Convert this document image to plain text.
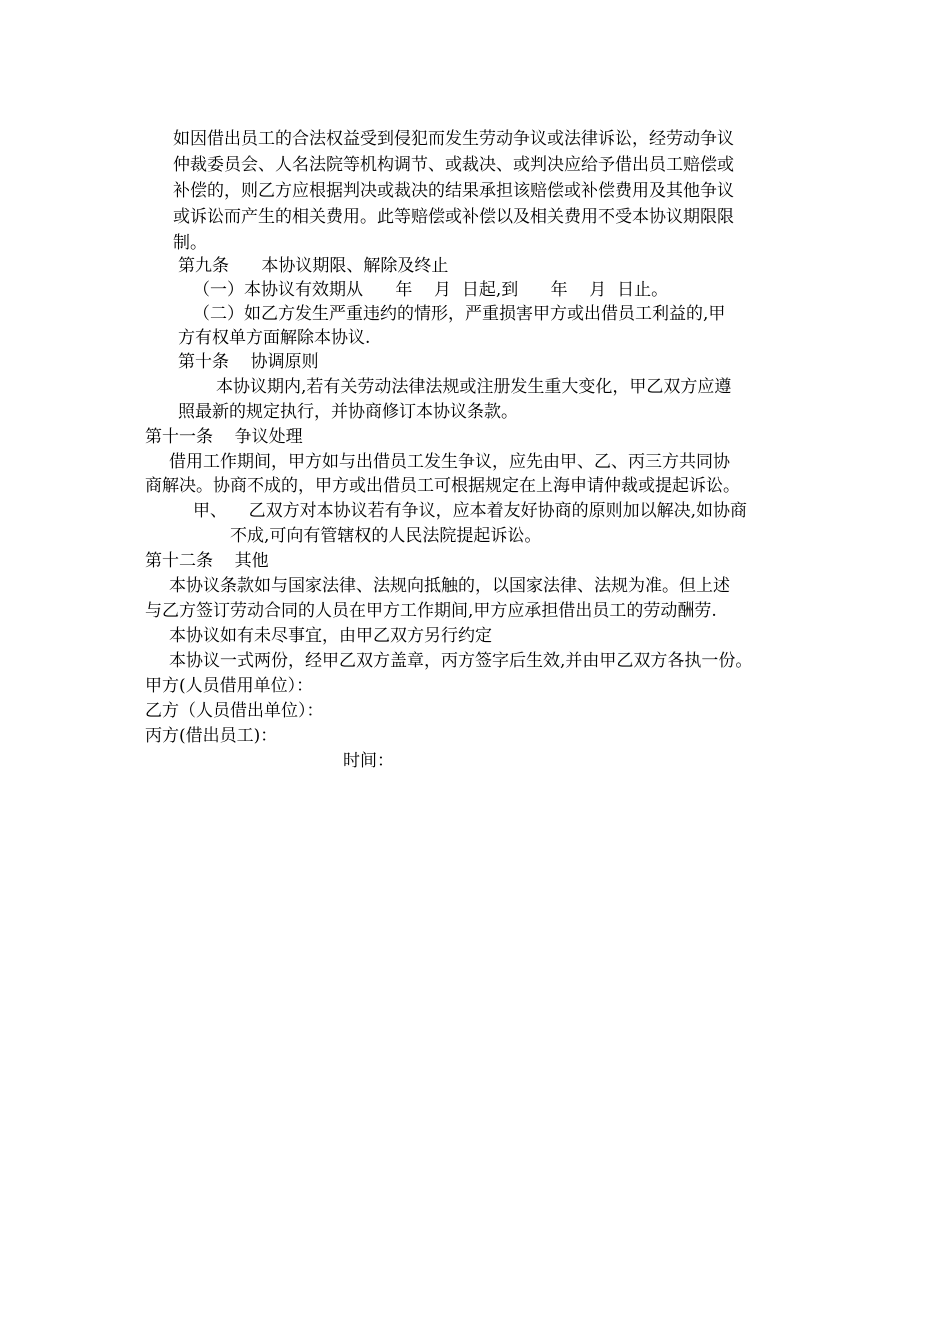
如因借出员工的合法权益受到侵犯而发生劳动争议或法律诉讼，经劳动争议
仲裁委员会、人名法院等机构调节、或裁决、或判决应给予借出员工赔偿或
补偿的，则乙方应根据判决或裁决的结果承担该赔偿或补偿费用及其他争议
或诉讼而产生的相关费用。此等赔偿或补偿以及相关费用不受本协议期限限
制。
第九条      本协议期限、解除及终止
（一）本协议有效期从      年    月  日起,到      年    月  日止。
（二）如乙方发生严重违约的情形，严重损害甲方或出借员工利益的,甲
方有权单方面解除本协议.
第十条    协调原则
本协议期内,若有关劳动法律法规或注册发生重大变化，甲乙双方应遵
照最新的规定执行，并协商修订本协议条款。
第十一条    争议处理
借用工作期间，甲方如与出借员工发生争议，应先由甲、乙、丙三方共同协
商解决。协商不成的，甲方或出借员工可根据规定在上海申请仲裁或提起诉讼。
甲、    乙双方对本协议若有争议，应本着友好协商的原则加以解决,如协商
不成,可向有管辖权的人民法院提起诉讼。
第十二条    其他
本协议条款如与国家法律、法规向抵触的，以国家法律、法规为准。但上述
与乙方签订劳动合同的人员在甲方工作期间,甲方应承担借出员工的劳动酬劳.
本协议如有未尽事宜，由甲乙双方另行约定
本协议一式两份，经甲乙双方盖章，丙方签字后生效,并由甲乙双方各执一份。
甲方(人员借用单位）：
乙方（人员借出单位）：
丙方(借出员工)：
时间：
